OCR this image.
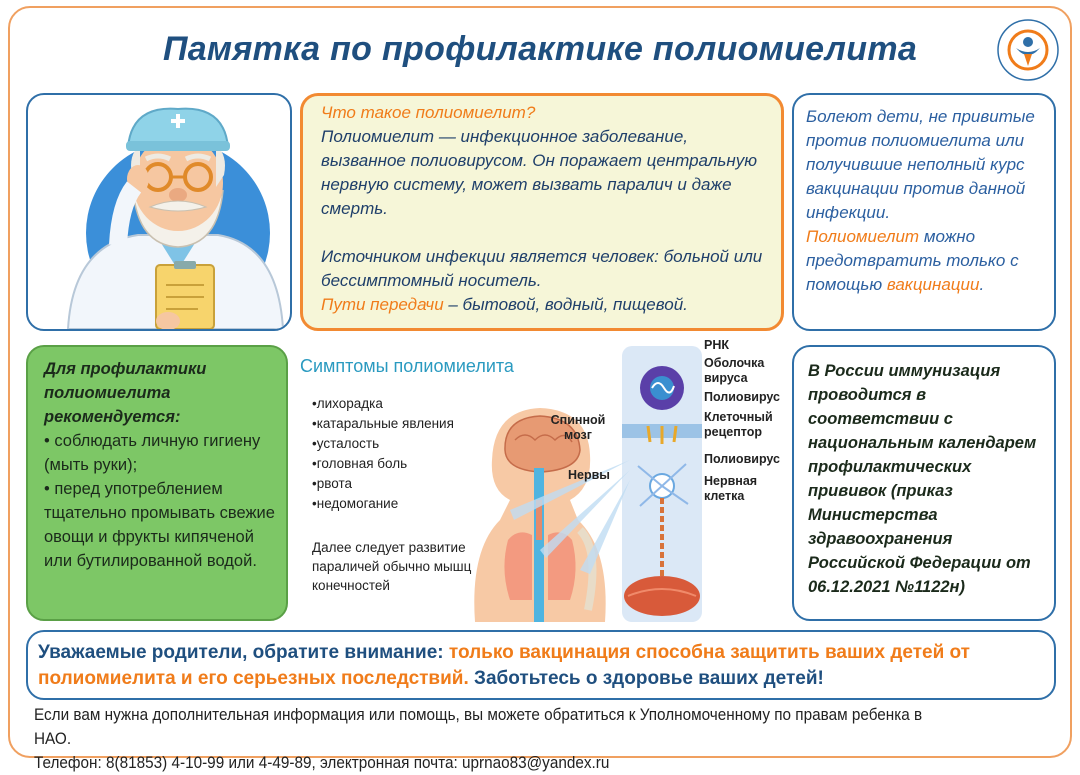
Памятка по профилактике полиомиелита
Что такое полиомиелит?
Полиомиелит — инфекционное заболевание, вызванное полиовирусом. Он поражает центральную нервную систему, может вызвать паралич и даже смерть.
Источником инфекции является человек: больной или бессимптомный носитель.
Пути передачи – бытовой, водный, пищевой.
Болеют дети, не привитые против полиомиелита или получившие неполный курс вакцинации против данной инфекции.
Полиомиелит можно предотвратить только с помощью вакцинации.
Для профилактики полиомиелита рекомендуется:
• соблюдать личную гигиену (мыть руки);
• перед употреблением тщательно промывать свежие овощи и фрукты кипяченой или бутилированной водой.
Симптомы полиомиелита
• лихорадка
• катаральные явления
• усталость
• головная боль
• рвота
• недомогание
Далее следует развитие параличей обычно мышц конечностей
Спинной мозг
Нервы
РНК
Оболочка вируса
Полиовирус
Клеточный рецептор
Полиовирус
Нервная клетка
В России иммунизация проводится в соответствии с национальным календарем профилактических прививок (приказ Министерства здравоохранения Российской Федерации от 06.12.2021 №1122н)
Уважаемые родители, обратите внимание: только вакцинация способна защитить ваших детей от полиомиелита и его серьезных последствий. Заботьтесь о здоровье ваших детей!
Если вам нужна дополнительная информация или помощь, вы можете обратиться к Уполномоченному по правам ребенка в НАО.
Телефон: 8(81853) 4-10-99 или 4-49-89, электронная почта: uprnao83@yandex.ru
